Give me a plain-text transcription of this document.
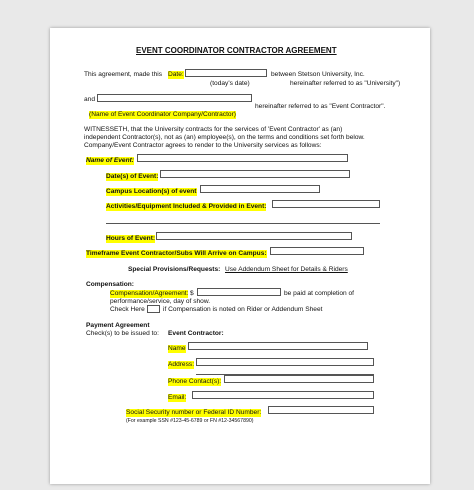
EVENT COORDINATOR CONTRACTOR AGREEMENT
This agreement, made this Date:	between Stetson University, Inc.
(today's date)	hereinafter referred to as "University")
and
hereinafter referred to as "Event Contractor".
(Name of Event Coordinator Company/Contractor)
WITNESSETH, that the University contracts for the services of 'Event Contractor' as (an)
independent Contractor(s), not as (an) employee(s), on the terms and conditions set forth below.
Company/Event Contractor agrees to render to the University services as follows:
Name of Event:
Date(s) of Event:
Campus Location(s) of event
Activities/Equipment Included & Provided in Event:
Hours of Event:
Timeframe Event Contractor/Subs Will Arrive on Campus:
Special Provisions/Requests: Use Addendum Sheet for Details & Riders
Compensation:
Compensation/Agreement: $	be paid at completion of
performance/service, day of show.
Check Here	if Compensation is noted on Rider or Addendum Sheet
Payment Agreement
Check(s) to be issued to: Event Contractor:
Name
Address:
Phone Contact(s):
Email:
Social Security number or Federal ID Number:
(For example SSN #123-45-6789 or FN #12-34567890)
